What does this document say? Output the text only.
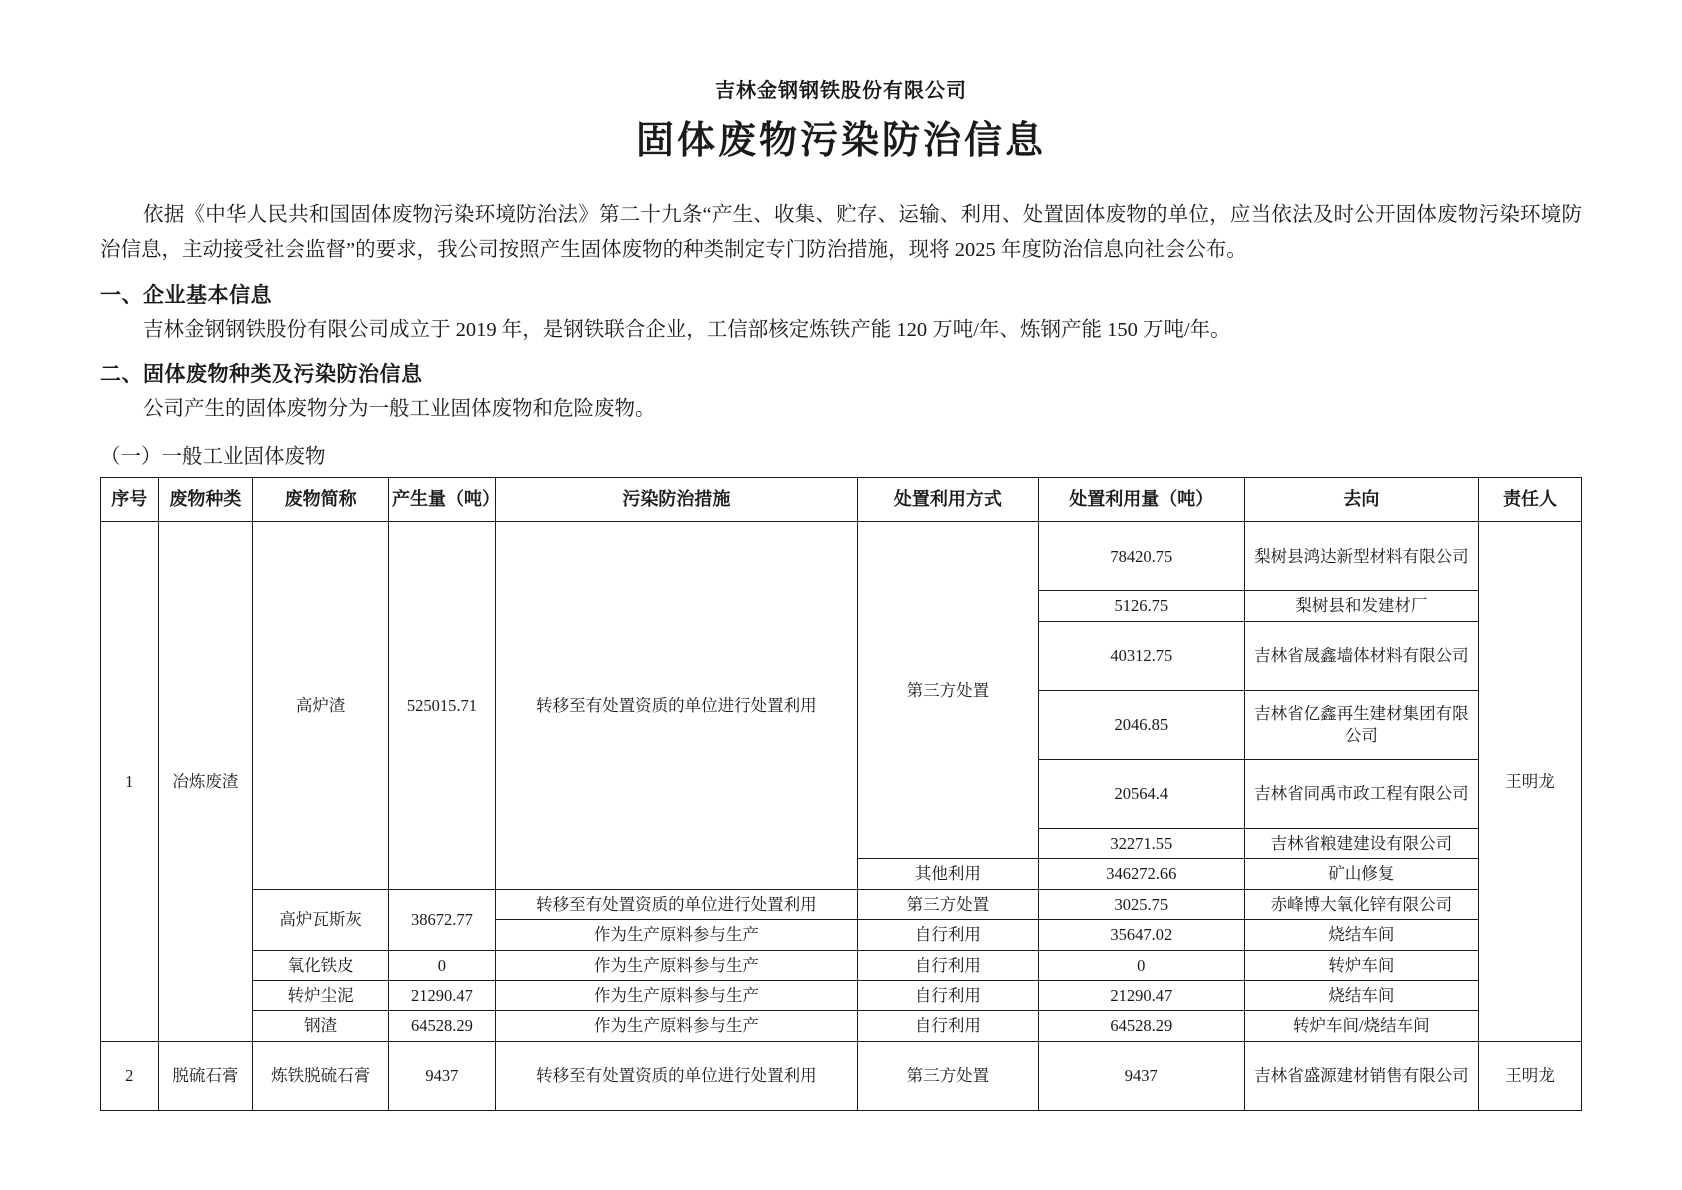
吉林金钢钢铁股份有限公司
固体废物污染防治信息

依据《中华人民共和国固体废物污染环境防治法》第二十九条“产生、收集、贮存、运输、利用、处置固体废物的单位，应当依法及时公开固体废物污染环境防治信息，主动接受社会监督”的要求，我公司按照产生固体废物的种类制定专门防治措施，现将 2025 年度防治信息向社会公布。

一、企业基本信息

吉林金钢钢铁股份有限公司成立于 2019 年，是钢铁联合企业，工信部核定炼铁产能 120 万吨/年、炼钢产能 150 万吨/年。

二、固体废物种类及污染防治信息

公司产生的固体废物分为一般工业固体废物和危险废物。

（一）一般工业固体废物
序号	废物种类	废物简称	产生量（吨）	污染防治措施	处置利用方式	处置利用量（吨）	去向	责任人
1	冶炼废渣	高炉渣	525015.71	转移至有处置资质的单位进行处置利用	第三方处置	78420.75	梨树县鸿达新型材料有限公司	王明龙
						5126.75	梨树县和发建材厂	
						40312.75	吉林省晟鑫墙体材料有限公司	
						2046.85	吉林省亿鑫再生建材集团有限公司	
						20564.4	吉林省同禹市政工程有限公司	
						32271.55	吉林省粮建建设有限公司	
					其他利用	346272.66	矿山修复	
		高炉瓦斯灰	38672.77	转移至有处置资质的单位进行处置利用	第三方处置	3025.75	赤峰博大氧化锌有限公司	
				作为生产原料参与生产	自行利用	35647.02	烧结车间	
		氧化铁皮	0	作为生产原料参与生产	自行利用	0	转炉车间	
		转炉尘泥	21290.47	作为生产原料参与生产	自行利用	21290.47	烧结车间	
		钢渣	64528.29	作为生产原料参与生产	自行利用	64528.29	转炉车间/烧结车间	
2	脱硫石膏	炼铁脱硫石膏	9437	转移至有处置资质的单位进行处置利用	第三方处置	9437	吉林省盛源建材销售有限公司	王明龙
